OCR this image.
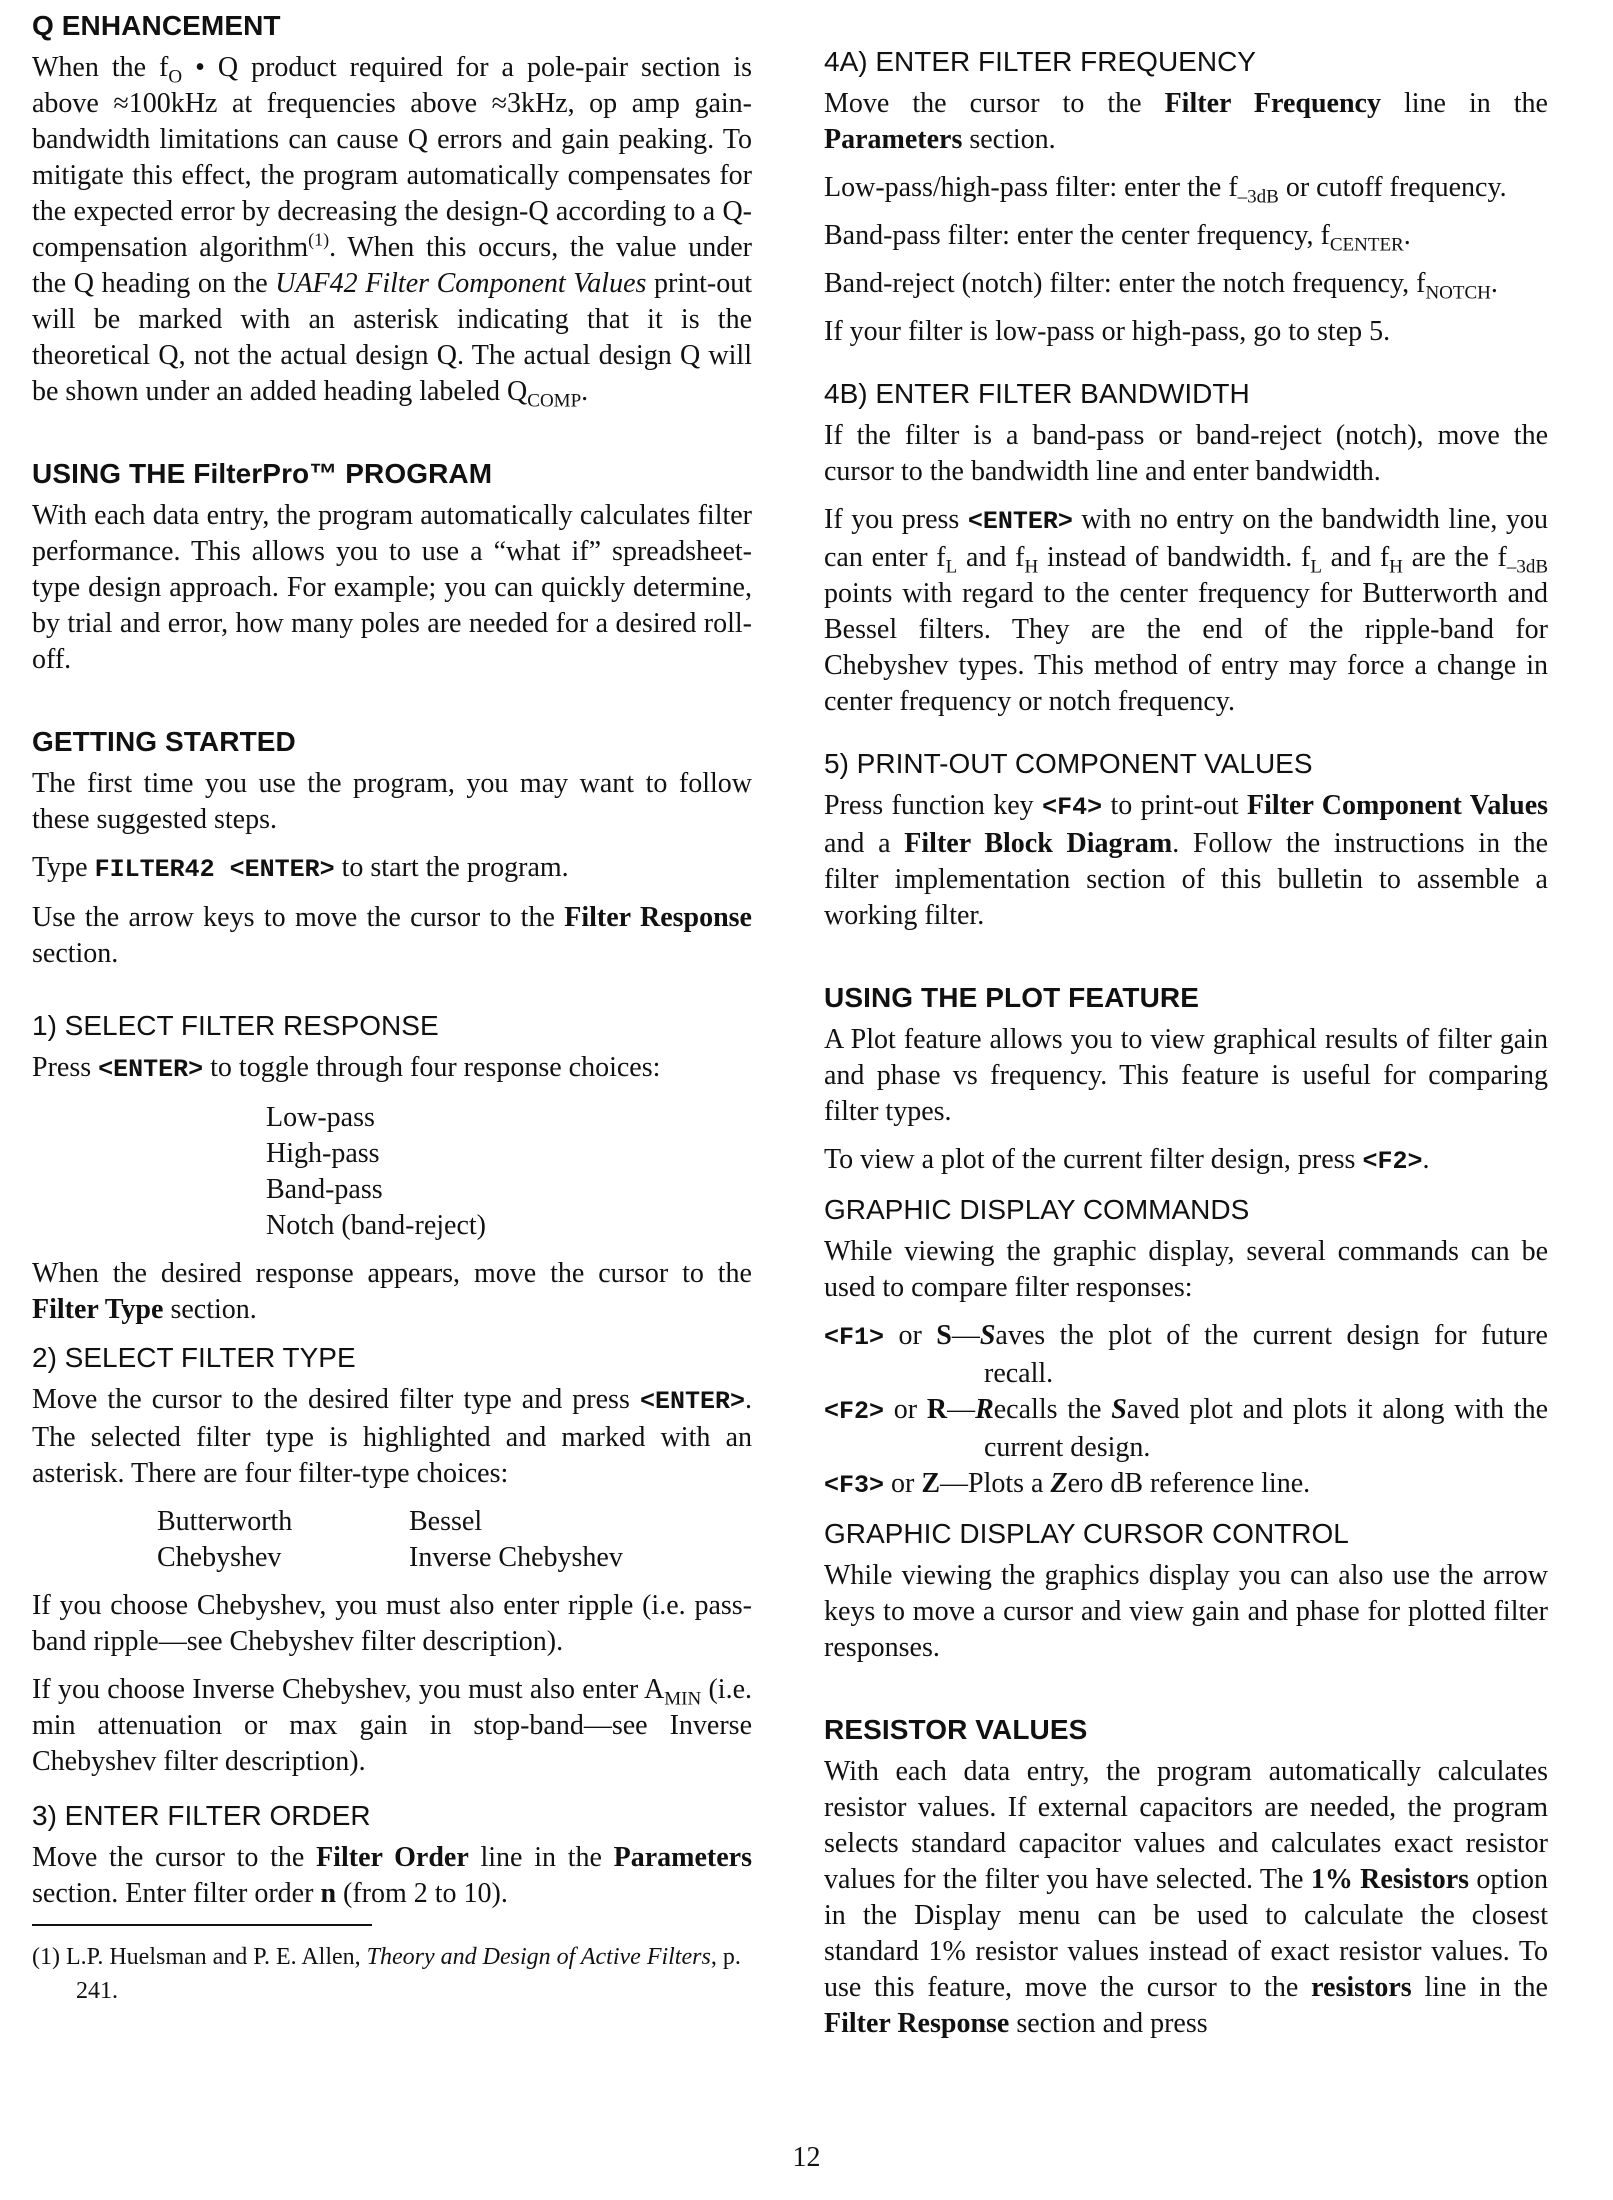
Q ENHANCEMENT

When the $f_O$ • Q product required for a pole-pair section is above ≈100kHz at frequencies above ≈3kHz, op amp gain-bandwidth limitations can cause Q errors and gain peaking. To mitigate this effect, the program automatically compensates for the expected error by decreasing the design-Q according to a Q-compensation algorithm$^{(1)}$. When this occurs, the value under the Q heading on the UAF42 Filter Component Values print-out will be marked with an asterisk indicating that it is the theoretical Q, not the actual design Q. The actual design Q will be shown under an added heading labeled $Q_{COMP}$.

USING THE FilterPro™ PROGRAM

With each data entry, the program automatically calculates filter performance. This allows you to use a “what if” spreadsheet-type design approach. For example; you can quickly determine, by trial and error, how many poles are needed for a desired roll-off.

GETTING STARTED

The first time you use the program, you may want to follow these suggested steps.

Type FILTER42 <ENTER> to start the program.

Use the arrow keys to move the cursor to the Filter Response section.

1) SELECT FILTER RESPONSE

Press <ENTER> to toggle through four response choices:

Low-pass
High-pass
Band-pass
Notch (band-reject)

When the desired response appears, move the cursor to the Filter Type section.

2) SELECT FILTER TYPE

Move the cursor to the desired filter type and press <ENTER>. The selected filter type is highlighted and marked with an asterisk. There are four filter-type choices:

Butterworth	Bessel
Chebyshev	Inverse Chebyshev

If you choose Chebyshev, you must also enter ripple (i.e. pass-band ripple—see Chebyshev filter description).

If you choose Inverse Chebyshev, you must also enter $A_{MIN}$ (i.e. min attenuation or max gain in stop-band—see Inverse Chebyshev filter description).

3) ENTER FILTER ORDER

Move the cursor to the Filter Order line in the Parameters section. Enter filter order n (from 2 to 10).

(1) L.P. Huelsman and P. E. Allen, Theory and Design of Active Filters, p. 241.

4A) ENTER FILTER FREQUENCY

Move the cursor to the Filter Frequency line in the Parameters section.

Low-pass/high-pass filter: enter the $f_{-3dB}$ or cutoff frequency.

Band-pass filter: enter the center frequency, $f_{CENTER}$.

Band-reject (notch) filter: enter the notch frequency, $f_{NOTCH}$.

If your filter is low-pass or high-pass, go to step 5.

4B) ENTER FILTER BANDWIDTH

If the filter is a band-pass or band-reject (notch), move the cursor to the bandwidth line and enter bandwidth.

If you press <ENTER> with no entry on the bandwidth line, you can enter $f_L$ and $f_H$ instead of bandwidth. $f_L$ and $f_H$ are the $f_{-3dB}$ points with regard to the center frequency for Butterworth and Bessel filters. They are the end of the ripple-band for Chebyshev types. This method of entry may force a change in center frequency or notch frequency.

5) PRINT-OUT COMPONENT VALUES

Press function key <F4> to print-out Filter Component Values and a Filter Block Diagram. Follow the instructions in the filter implementation section of this bulletin to assemble a working filter.

USING THE PLOT FEATURE

A Plot feature allows you to view graphical results of filter gain and phase vs frequency. This feature is useful for comparing filter types.

To view a plot of the current filter design, press <F2>.

GRAPHIC DISPLAY COMMANDS

While viewing the graphic display, several commands can be used to compare filter responses:

<F1> or S—Saves the plot of the current design for future recall.

<F2> or R—Recalls the Saved plot and plots it along with the current design.

<F3> or Z—Plots a Zero dB reference line.

GRAPHIC DISPLAY CURSOR CONTROL

While viewing the graphics display you can also use the arrow keys to move a cursor and view gain and phase for plotted filter responses.

RESISTOR VALUES

With each data entry, the program automatically calculates resistor values. If external capacitors are needed, the program selects standard capacitor values and calculates exact resistor values for the filter you have selected. The 1% Resistors option in the Display menu can be used to calculate the closest standard 1% resistor values instead of exact resistor values. To use this feature, move the cursor to the resistors line in the Filter Response section and press

12
